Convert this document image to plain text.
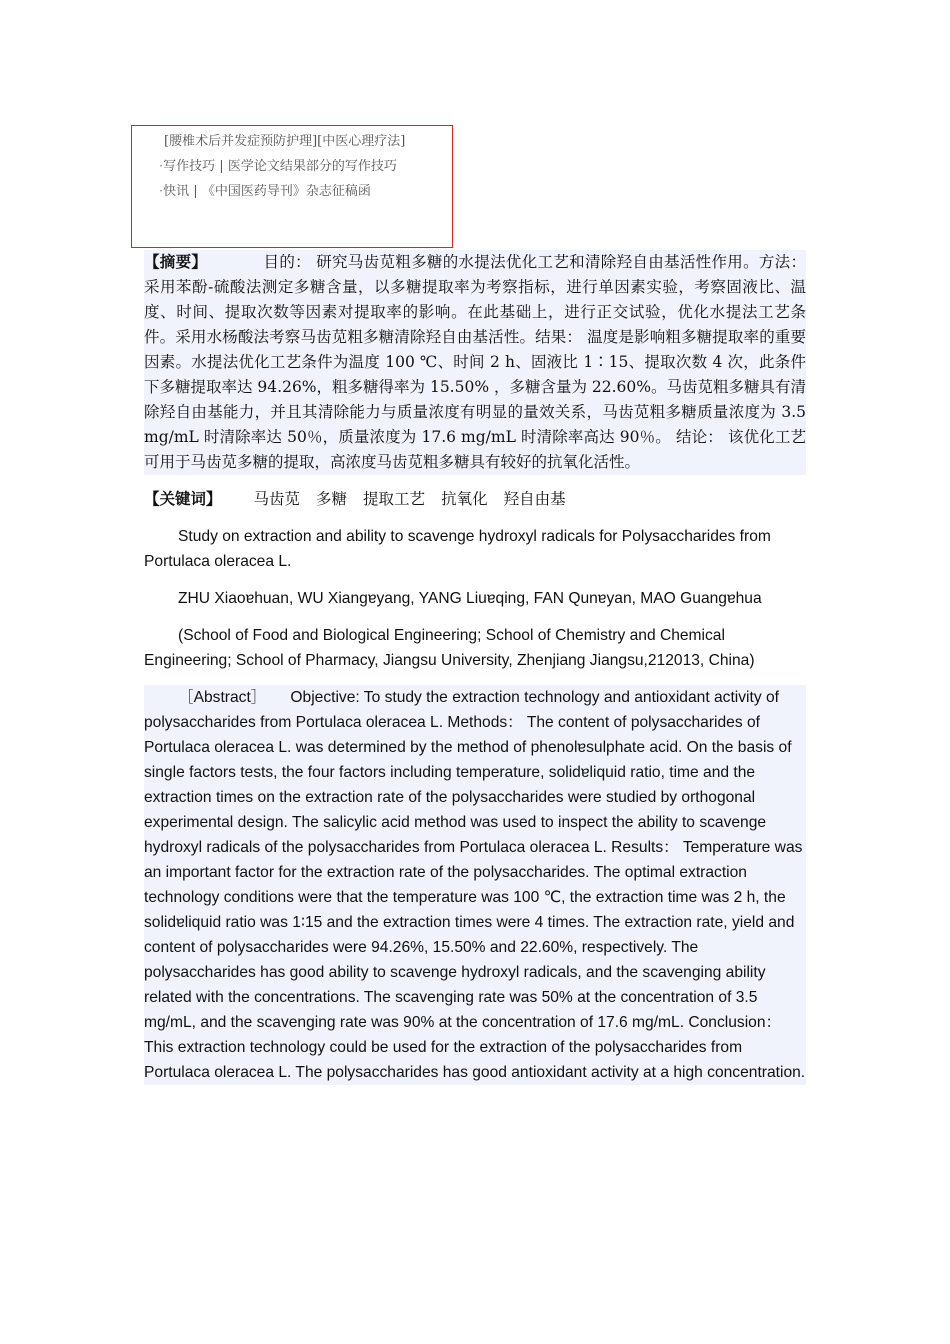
[腰椎术后并发症预防护理][中医心理疗法]
·写作技巧 | 医学论文结果部分的写作技巧
·快讯 | 《中国医药导刊》杂志征稿函

【摘要】	目的： 研究马齿苋粗多糖的水提法优化工艺和清除羟自由基活性作用。方法： 采用苯酚-硫酸法测定多糖含量，以多糖提取率为考察指标，进行单因素实验，考察固液比、温度、时间、提取次数等因素对提取率的影响。在此基础上，进行正交试验，优化水提法工艺条件。采用水杨酸法考察马齿苋粗多糖清除羟自由基活性。结果： 温度是影响粗多糖提取率的重要因素。水提法优化工艺条件为温度 100 ℃、时间 2 h、固液比 1∶15、提取次数 4 次，此条件下多糖提取率达 94.26%，粗多糖得率为 15.50% ，多糖含量为 22.60%。马齿苋粗多糖具有清除羟自由基能力，并且其清除能力与质量浓度有明显的量效关系，马齿苋粗多糖质量浓度为 3.5 mg/mL 时清除率达 50％，质量浓度为 17.6 mg/mL 时清除率高达 90％。 结论： 该优化工艺可用于马齿苋多糖的提取，高浓度马齿苋粗多糖具有较好的抗氧化活性。

【关键词】 马齿苋 多糖 提取工艺 抗氧化 羟自由基

Study on extraction and ability to scavenge hydroxyl radicals for Polysaccharides from Portulaca oleracea L.

ZHU Xiaoɐhuan, WU Xiangɐyang, YANG Liuɐqing, FAN Qunɐyan, MAO Guangɐhua

(School of Food and Biological Engineering; School of Chemistry and Chemical Engineering; School of Pharmacy, Jiangsu University, Zhenjiang Jiangsu,212013, China)

［Abstract］ Objective: To study the extraction technology and antioxidant activity of polysaccharides from Portulaca oleracea L. Methods： The content of polysaccharides of Portulaca oleracea L. was determined by the method of phenolɐsulphate acid. On the basis of single factors tests, the four factors including temperature, solidɐliquid ratio, time and the extraction times on the extraction rate of the polysaccharides were studied by orthogonal experimental design. The salicylic acid method was used to inspect the ability to scavenge hydroxyl radicals of the polysaccharides from Portulaca oleracea L. Results： Temperature was an important factor for the extraction rate of the polysaccharides. The optimal extraction technology conditions were that the temperature was 100 ℃, the extraction time was 2 h, the solidɐliquid ratio was 1∶15 and the extraction times were 4 times. The extraction rate, yield and content of polysaccharides were 94.26%, 15.50% and 22.60%, respectively. The polysaccharides has good ability to scavenge hydroxyl radicals, and the scavenging ability related with the concentrations. The scavenging rate was 50% at the concentration of 3.5 mg/mL, and the scavenging rate was 90% at the concentration of 17.6 mg/mL. Conclusion： This extraction technology could be used for the extraction of the polysaccharides from Portulaca oleracea L. The polysaccharides has good antioxidant activity at a high concentration.
